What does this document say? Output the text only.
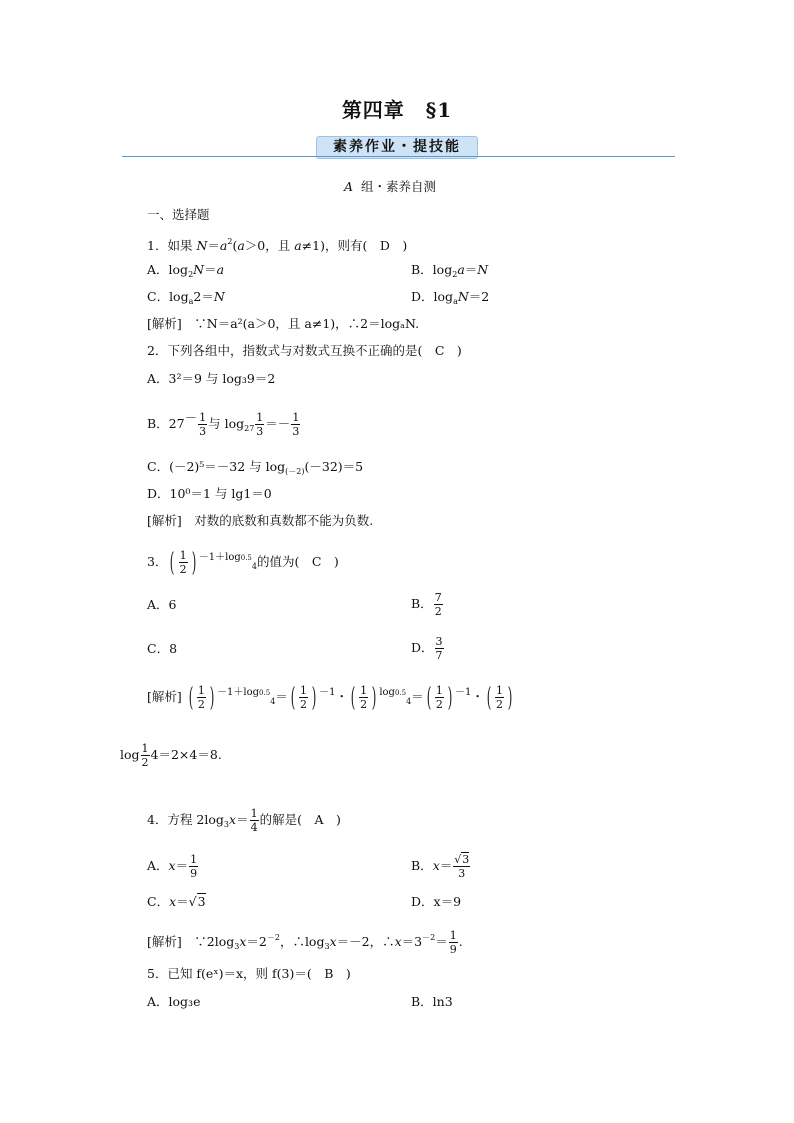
第四章　§1
素养作业・提技能
A 组・素养自测
一、选择题
1．如果 $N=a^2(a>0$，且 a≠1)，则有(　D　)
A．$\log_2N=a$	B．$\log_2a=N$
C．$\log_a2=N$	D．$\log_aN=2$
[解析]　∵N＝a²(a＞0，且 a≠1)，∴2＝logₐN.
2．下列各组中，指数式与对数式互换不正确的是(　C　)
A．3²＝9 与 log₃9＝2
B．$27- \frac{1}{3}$ 与 $\log_{27} \frac{1}{3} =- \frac{1}{3}$
C．(－2)⁵＝－32 与 $\log_{(-2)}(-32)=5$
D．10⁰＝1 与 lg1＝0
[解析]　对数的底数和真数都不能为负数.
3． ( $\frac{1}{2}$ ) $^{-1+log0.5}_4$的值为(　C　)
A．6	B． $\frac{7}{2}$
C．8	D． $\frac{3}{7}$
[解析] ( $\frac{1}{2}$ ) $^{-1+log0.5}_4$＝ ( $\frac{1}{2}$ ) $^{-1}$・ ( $\frac{1}{2}$ ) $^{log0.5}_4$＝ ( $\frac{1}{2}$ ) $^{-1}$・ ( $\frac{1}{2}$ )
$\log \frac{1}{2} 4=2\times 4=8$.
4．方程 $2\log_3x= \frac{1}{4}$ 的解是(　A　)
A．$x= \frac{1}{9}$	B．$x= \frac{√3}{3}$
C．x＝√3	D．x＝9
[解析]　$\because 2\log_3x=2^{-2}$，$\therefore\log_3x=-2$，$\therefore x=3^{-2}= \frac{1}{9}$ .
5．已知 f(eˣ)＝x，则 f(3)＝(　B　)
A．log₃e	B．ln3
